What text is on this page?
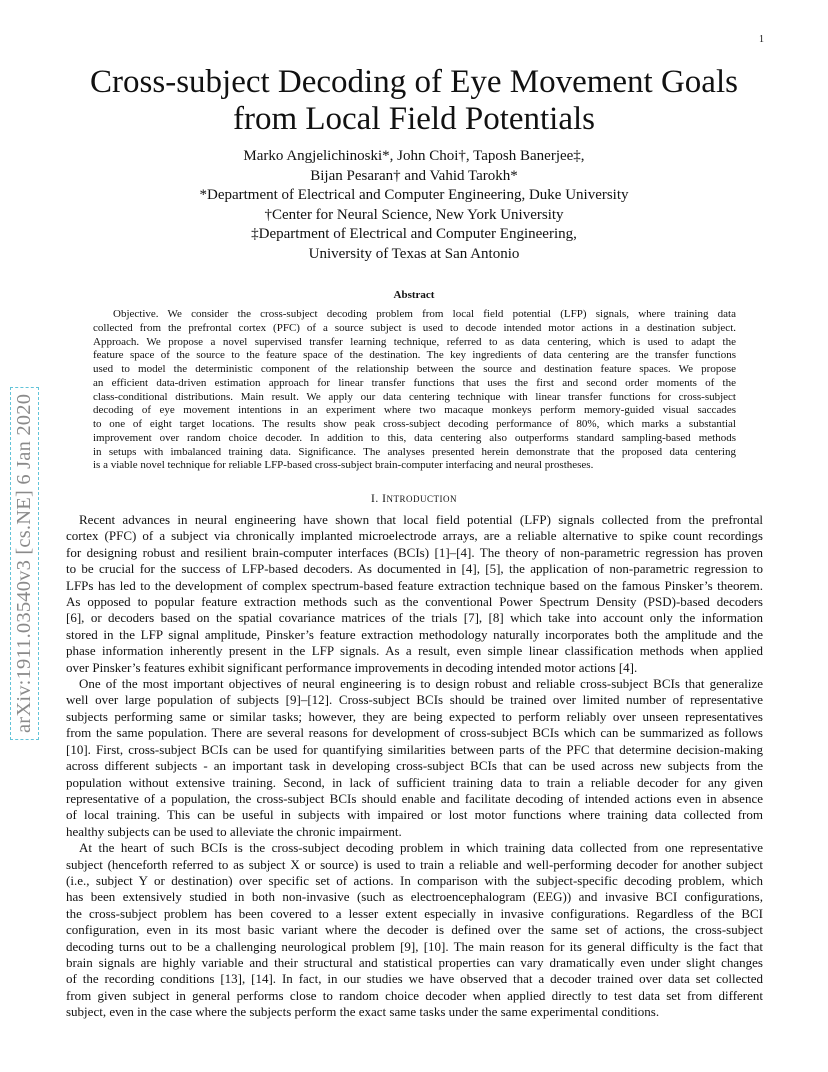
1
arXiv:1911.03540v3 [cs.NE] 6 Jan 2020
Cross-subject Decoding of Eye Movement Goals
from Local Field Potentials
Marko Angjelichinoski*, John Choi†, Taposh Banerjee‡,
Bijan Pesaran† and Vahid Tarokh*
*Department of Electrical and Computer Engineering, Duke University
†Center for Neural Science, New York University
‡Department of Electrical and Computer Engineering,
University of Texas at San Antonio
Abstract
Objective. We consider the cross-subject decoding problem from local field potential (LFP) signals, where training data
collected from the prefrontal cortex (PFC) of a source subject is used to decode intended motor actions in a destination subject.
Approach. We propose a novel supervised transfer learning technique, referred to as data centering, which is used to adapt the
feature space of the source to the feature space of the destination. The key ingredients of data centering are the transfer functions
used to model the deterministic component of the relationship between the source and destination feature spaces. We propose
an efficient data-driven estimation approach for linear transfer functions that uses the first and second order moments of the
class-conditional distributions. Main result. We apply our data centering technique with linear transfer functions for cross-subject
decoding of eye movement intentions in an experiment where two macaque monkeys perform memory-guided visual saccades
to one of eight target locations. The results show peak cross-subject decoding performance of 80%, which marks a substantial
improvement over random choice decoder. In addition to this, data centering also outperforms standard sampling-based methods
in setups with imbalanced training data. Significance. The analyses presented herein demonstrate that the proposed data centering
is a viable novel technique for reliable LFP-based cross-subject brain-computer interfacing and neural prostheses.
I. INTRODUCTION
Recent advances in neural engineering have shown that local field potential (LFP) signals collected from the prefrontal
cortex (PFC) of a subject via chronically implanted microelectrode arrays, are a reliable alternative to spike count recordings
for designing robust and resilient brain-computer interfaces (BCIs) [1]–[4]. The theory of non-parametric regression has proven
to be crucial for the success of LFP-based decoders. As documented in [4], [5], the application of non-parametric regression to
LFPs has led to the development of complex spectrum-based feature extraction technique based on the famous Pinsker’s theorem.
As opposed to popular feature extraction methods such as the conventional Power Spectrum Density (PSD)-based decoders
[6], or decoders based on the spatial covariance matrices of the trials [7], [8] which take into account only the information
stored in the LFP signal amplitude, Pinsker’s feature extraction methodology naturally incorporates both the amplitude and the
phase information inherently present in the LFP signals. As a result, even simple linear classification methods when applied
over Pinsker’s features exhibit significant performance improvements in decoding intended motor actions [4].
One of the most important objectives of neural engineering is to design robust and reliable cross-subject BCIs that generalize
well over large population of subjects [9]–[12]. Cross-subject BCIs should be trained over limited number of representative
subjects performing same or similar tasks; however, they are being expected to perform reliably over unseen representatives
from the same population. There are several reasons for development of cross-subject BCIs which can be summarized as follows
[10]. First, cross-subject BCIs can be used for quantifying similarities between parts of the PFC that determine decision-making
across different subjects - an important task in developing cross-subject BCIs that can be used across new subjects from the
population without extensive training. Second, in lack of sufficient training data to train a reliable decoder for any given
representative of a population, the cross-subject BCIs should enable and facilitate decoding of intended actions even in absence
of local training. This can be useful in subjects with impaired or lost motor functions where training data collected from
healthy subjects can be used to alleviate the chronic impairment.
At the heart of such BCIs is the cross-subject decoding problem in which training data collected from one representative
subject (henceforth referred to as subject X or source) is used to train a reliable and well-performing decoder for another subject
(i.e., subject Y or destination) over specific set of actions. In comparison with the subject-specific decoding problem, which
has been extensively studied in both non-invasive (such as electroencephalogram (EEG)) and invasive BCI configurations,
the cross-subject problem has been covered to a lesser extent especially in invasive configurations. Regardless of the BCI
configuration, even in its most basic variant where the decoder is defined over the same set of actions, the cross-subject
decoding turns out to be a challenging neurological problem [9], [10]. The main reason for its general difficulty is the fact that
brain signals are highly variable and their structural and statistical properties can vary dramatically even under slight changes
of the recording conditions [13], [14]. In fact, in our studies we have observed that a decoder trained over data set collected
from given subject in general performs close to random choice decoder when applied directly to test data set from different
subject, even in the case where the subjects perform the exact same tasks under the same experimental conditions.
